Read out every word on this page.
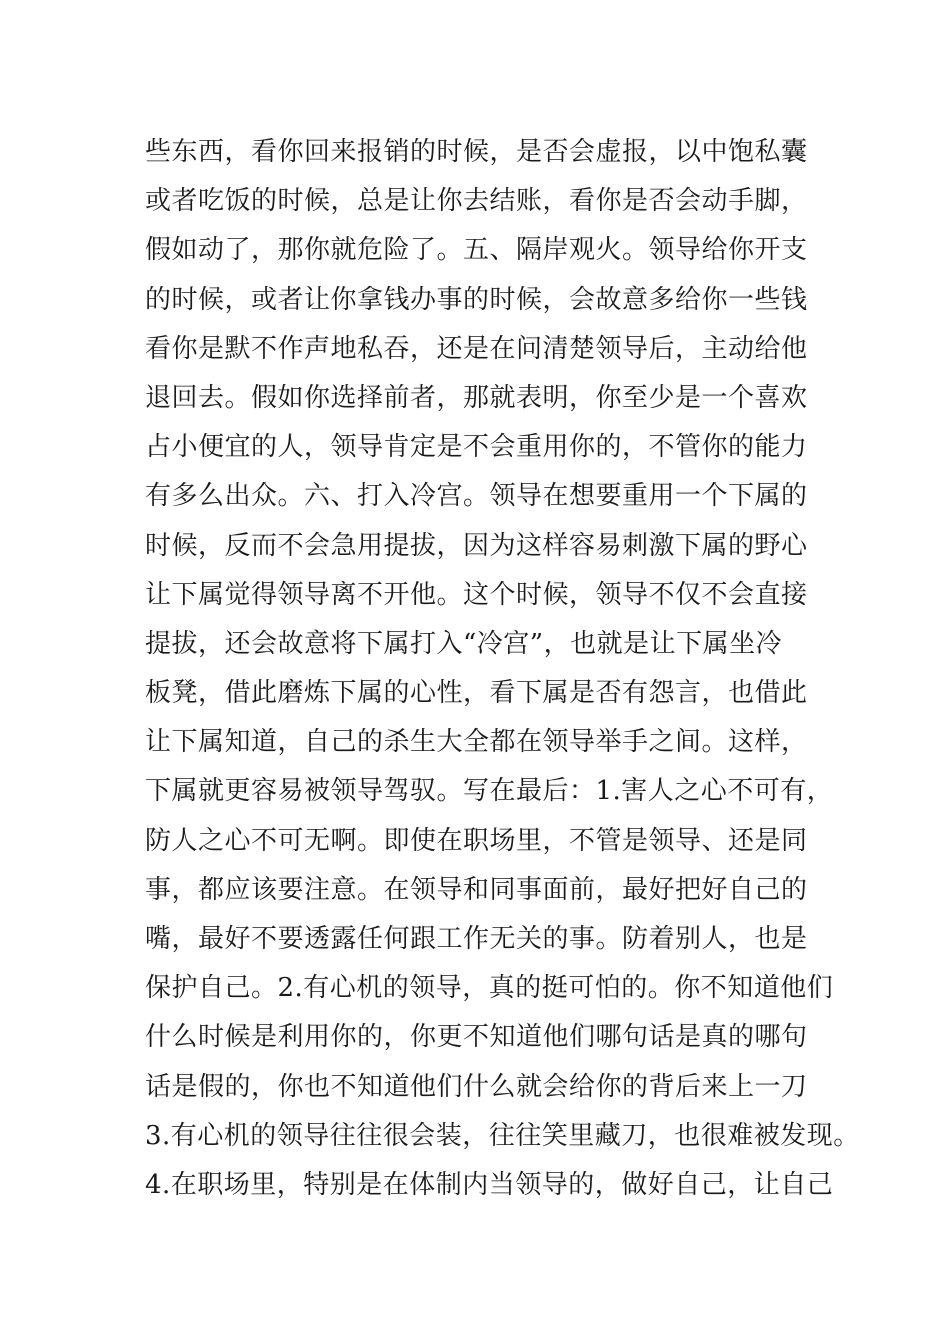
些东西，看你回来报销的时候，是否会虚报，以中饱私囊
或者吃饭的时候，总是让你去结账，看你是否会动手脚，
假如动了，那你就危险了。五、隔岸观火。领导给你开支
的时候，或者让你拿钱办事的时候，会故意多给你一些钱
看你是默不作声地私吞，还是在问清楚领导后，主动给他
退回去。假如你选择前者，那就表明，你至少是一个喜欢
占小便宜的人，领导肯定是不会重用你的，不管你的能力
有多么出众。六、打入冷宫。领导在想要重用一个下属的
时候，反而不会急用提拔，因为这样容易刺激下属的野心
让下属觉得领导离不开他。这个时候，领导不仅不会直接
提拔，还会故意将下属打入“冷宫”，也就是让下属坐冷
板凳，借此磨炼下属的心性，看下属是否有怨言，也借此
让下属知道，自己的杀生大全都在领导举手之间。这样，
下属就更容易被领导驾驭。写在最后：1.害人之心不可有，
防人之心不可无啊。即使在职场里，不管是领导、还是同
事，都应该要注意。在领导和同事面前，最好把好自己的
嘴，最好不要透露任何跟工作无关的事。防着别人，也是
保护自己。2.有心机的领导，真的挺可怕的。你不知道他们
什么时候是利用你的，你更不知道他们哪句话是真的哪句
话是假的，你也不知道他们什么就会给你的背后来上一刀
3.有心机的领导往往很会装，往往笑里藏刀，也很难被发现。
4.在职场里，特别是在体制内当领导的，做好自己，让自己
